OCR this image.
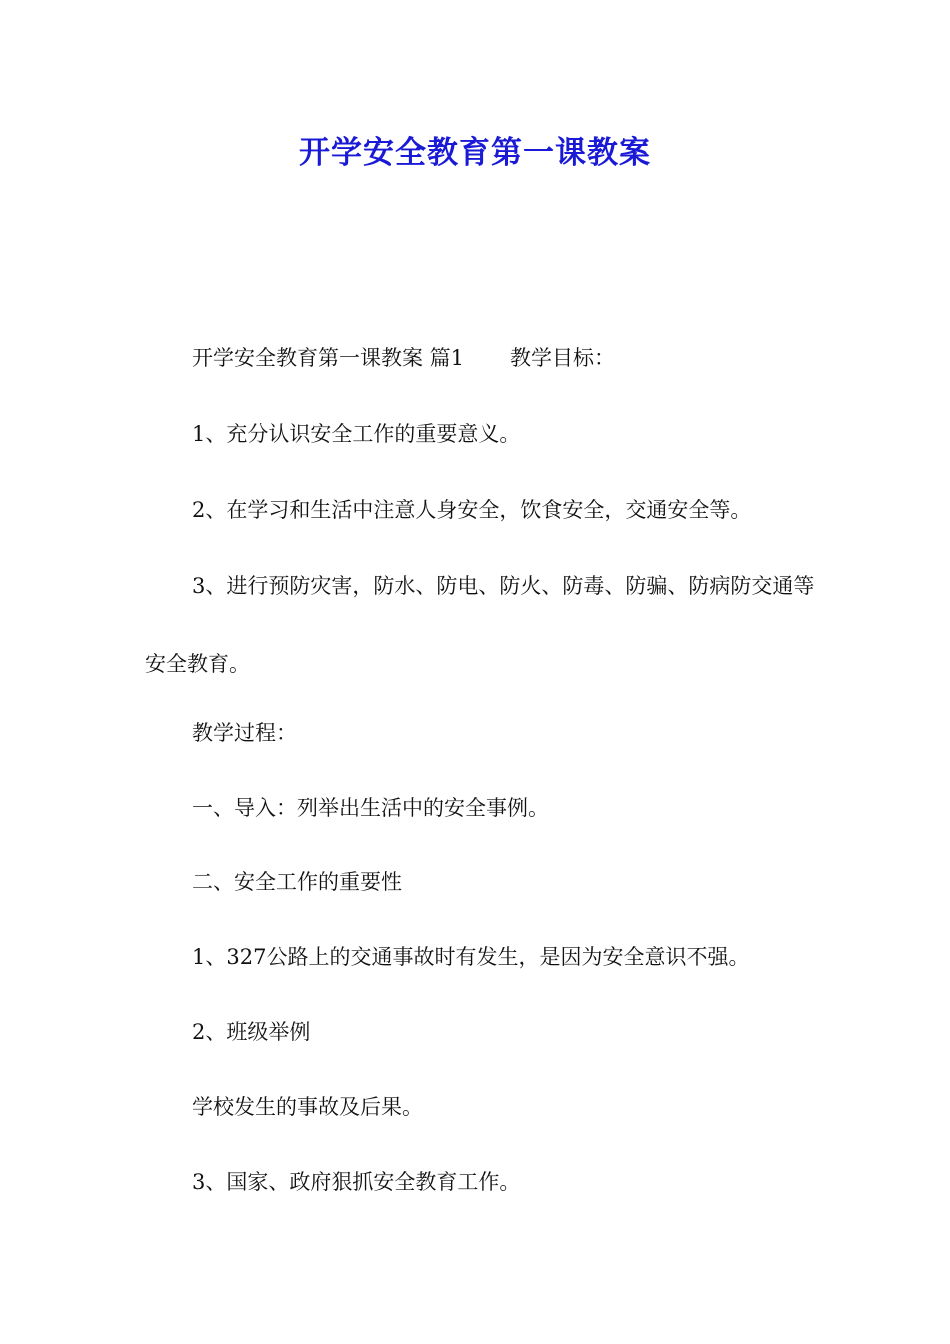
开学安全教育第一课教案

开学安全教育第一课教案 篇1 教学目标：

1、充分认识安全工作的重要意义。

2、在学习和生活中注意人身安全，饮食安全，交通安全等。

3、进行预防灾害，防水、防电、防火、防毒、防骗、防病防交通等安全教育。

教学过程：

一、导入：列举出生活中的安全事例。

二、安全工作的重要性

1、327公路上的交通事故时有发生，是因为安全意识不强。

2、班级举例

学校发生的事故及后果。

3、国家、政府狠抓安全教育工作。
